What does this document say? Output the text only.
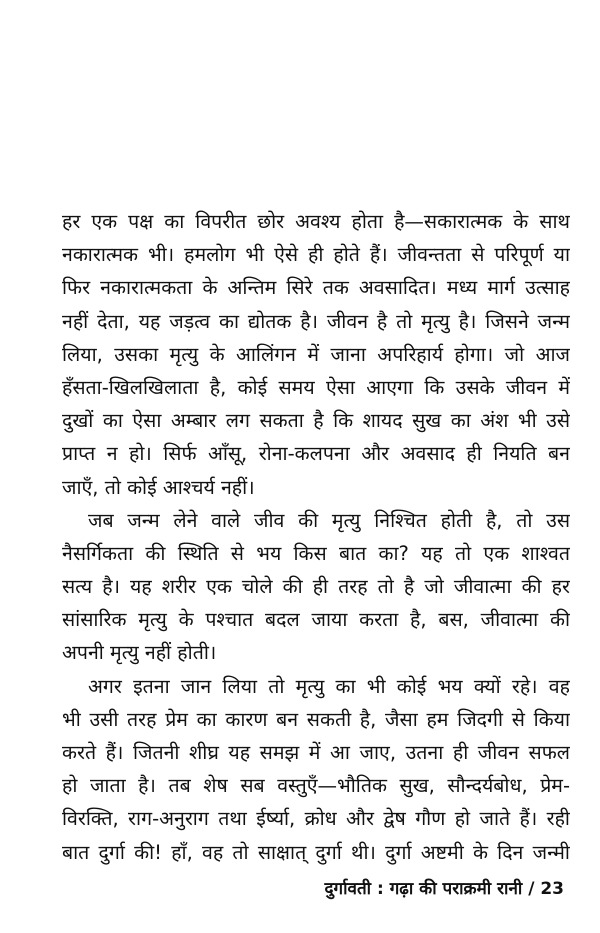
हर एक पक्ष का विपरीत छोर अवश्य होता है—सकारात्मक के साथ
नकारात्मक भी। हमलोग भी ऐसे ही होते हैं। जीवन्तता से परिपूर्ण या
फिर नकारात्मकता के अन्तिम सिरे तक अवसादित। मध्य मार्ग उत्साह
नहीं देता, यह जड़त्व का द्योतक है। जीवन है तो मृत्यु है। जिसने जन्म
लिया, उसका मृत्यु के आलिंगन में जाना अपरिहार्य होगा। जो आज
हँसता-खिलखिलाता है, कोई समय ऐसा आएगा कि उसके जीवन में
दुखों का ऐसा अम्बार लग सकता है कि शायद सुख का अंश भी उसे
प्राप्त न हो। सिर्फ आँसू, रोना-कलपना और अवसाद ही नियति बन
जाएँ, तो कोई आश्चर्य नहीं।
जब जन्म लेने वाले जीव की मृत्यु निश्चित होती है, तो उस
नैसर्गिकता की स्थिति से भय किस बात का? यह तो एक शाश्वत
सत्य है। यह शरीर एक चोले की ही तरह तो है जो जीवात्मा की हर
सांसारिक मृत्यु के पश्चात बदल जाया करता है, बस, जीवात्मा की
अपनी मृत्यु नहीं होती।
अगर इतना जान लिया तो मृत्यु का भी कोई भय क्यों रहे। वह
भी उसी तरह प्रेम का कारण बन सकती है, जैसा हम जिदगी से किया
करते हैं। जितनी शीघ्र यह समझ में आ जाए, उतना ही जीवन सफल
हो जाता है। तब शेष सब वस्तुएँ—भौतिक सुख, सौन्दर्यबोध, प्रेम-
विरक्ति, राग-अनुराग तथा ईर्ष्या, क्रोध और द्वेष गौण हो जाते हैं। रही
बात दुर्गा की! हाँ, वह तो साक्षात् दुर्गा थी। दुर्गा अष्टमी के दिन जन्मी
दुर्गावती : गढ़ा की पराक्रमी रानी / 23
